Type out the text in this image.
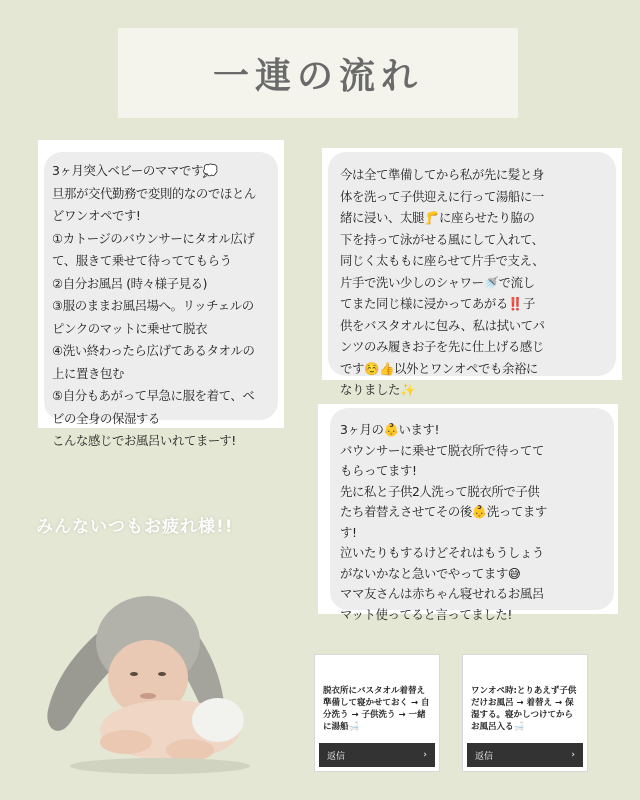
一連の流れ

3ヶ月突入ベビーのママです💭
旦那が交代勤務で変則的なのでほとん
どワンオペです!
①カトージのバウンサーにタオル広げ
て、服きて乗せて待っててもらう
②自分お風呂 (時々様子見る)
③服のままお風呂場へ。リッチェルの
ピンクのマットに乗せて脱衣
④洗い終わったら広げてあるタオルの
上に置き包む
⑤自分もあがって早急に服を着て、ベ
ビの全身の保湿する
こんな感じでお風呂いれてまーす!

今は全て準備してから私が先に髪と身
体を洗って子供迎えに行って湯船に一
緒に浸い、太腿🦵に座らせたり脇の
下を持って泳がせる風にして入れて、
同じく太ももに座らせて片手で支え、
片手で洗い少しのシャワー🚿で流し
てまた同じ様に浸かってあがる‼️子
供をバスタオルに包み、私は拭いてパ
ンツのみ履きお子を先に仕上げる感じ
です☺️👍以外とワンオペでも余裕に
なりました✨

3ヶ月の👶います!
バウンサーに乗せて脱衣所で待ってて
もらってます!
先に私と子供2人洗って脱衣所で子供
たち着替えさせてその後👶洗ってます
す!
泣いたりもするけどそれはもうしょう
がないかなと急いでやってます😅
ママ友さんは赤ちゃん寝せれるお風呂
マット使ってると言ってました!

みんないつもお疲れ様!!
脱衣所にバスタオル着替え準備して寝かせておく → 自分洗う → 子供洗う → 一緒に湯船🛁
返信	›
ワンオペ時:とりあえず子供だけお風呂 → 着替え → 保湿する。寝かしつけてからお風呂入る🛁
返信	›
